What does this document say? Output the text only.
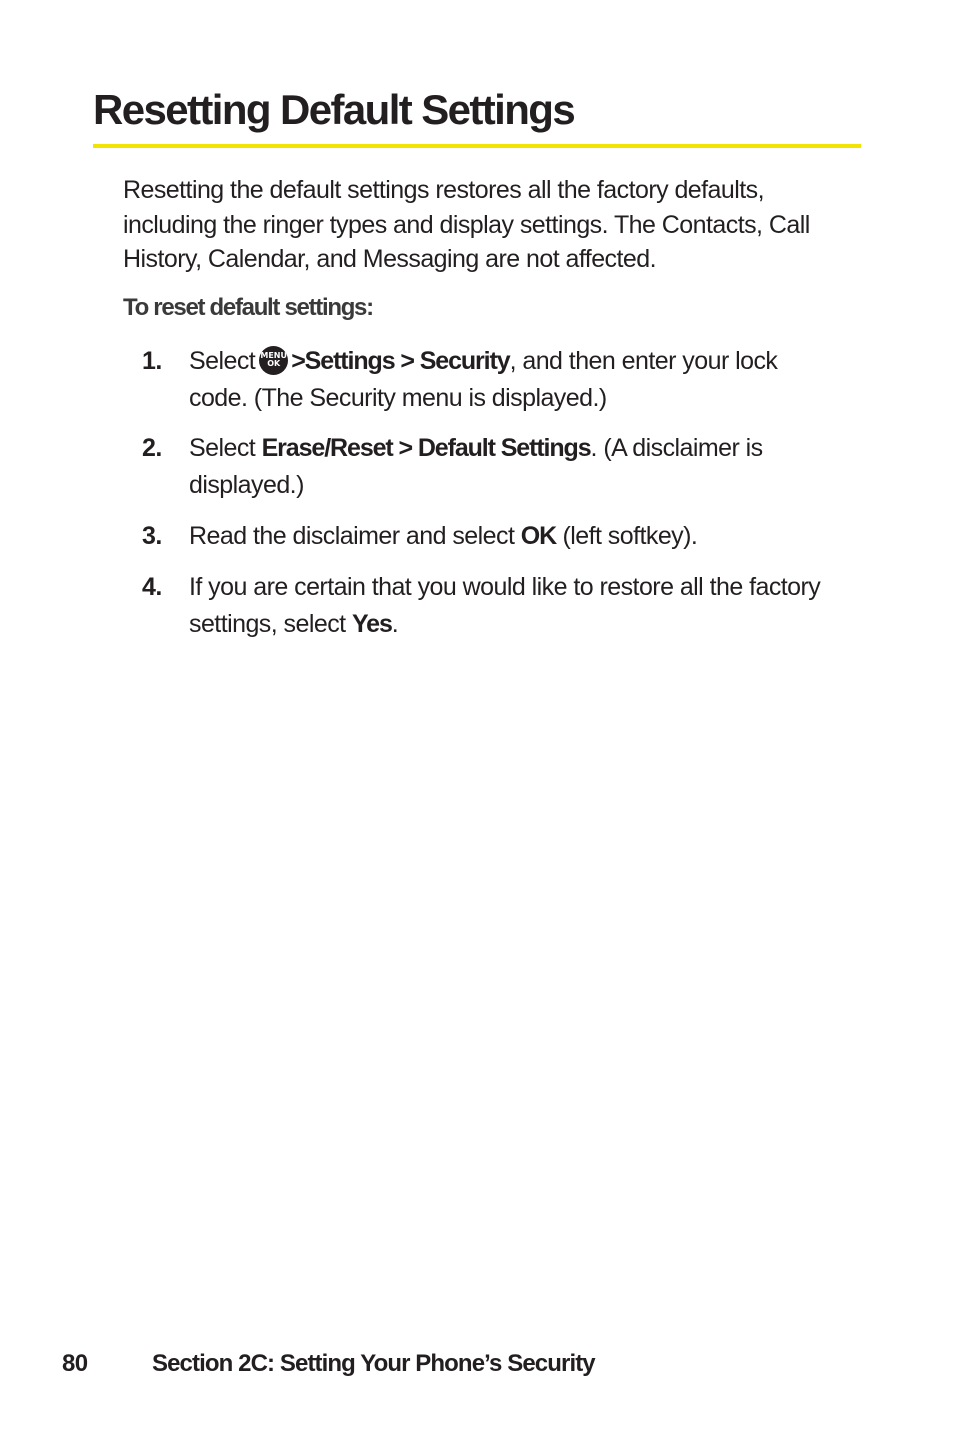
Resetting Default Settings

Resetting the default settings restores all the factory defaults, including the ringer types and display settings. The Contacts, Call History, Calendar, and Messaging are not affected.

To reset default settings:

1. Select MENU
OK >Settings > Security, and then enter your lock code. (The Security menu is displayed.)
2. Select Erase/Reset > Default Settings. (A disclaimer is displayed.)
3. Read the disclaimer and select OK (left softkey).
4. If you are certain that you would like to restore all the factory settings, select Yes.
80	Section 2C: Setting Your Phone’s Security
